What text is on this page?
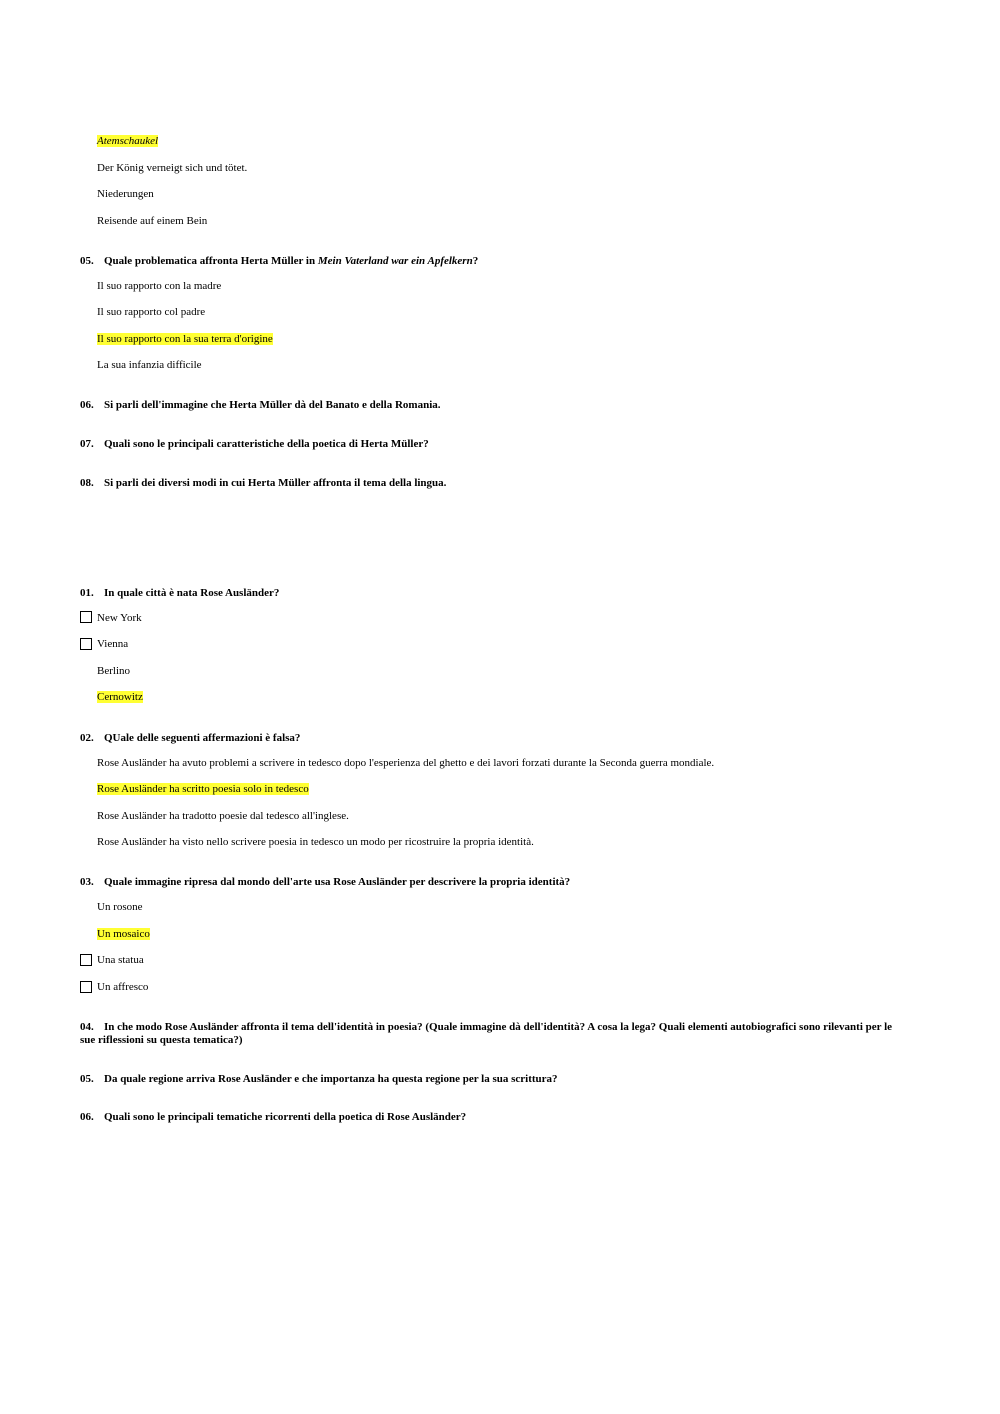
Atemschaukel
Der König verneigt sich und tötet.
Niederungen
Reisende auf einem Bein
05. Quale problematica affronta Herta Müller in Mein Vaterland war ein Apfelkern?
Il suo rapporto con la madre
Il suo rapporto col padre
Il suo rapporto con la sua terra d'origine
La sua infanzia difficile
06. Si parli dell'immagine che Herta Müller dà del Banato e della Romania.
07. Quali sono le principali caratteristiche della poetica di Herta Müller?
08. Si parli dei diversi modi in cui Herta Müller affronta il tema della lingua.
01. In quale città è nata Rose Ausländer?
New York
Vienna
Berlino
Cernowitz
02. QUale delle seguenti affermazioni è falsa?
Rose Ausländer ha avuto problemi a scrivere in tedesco dopo l'esperienza del ghetto e dei lavori forzati durante la Seconda guerra mondiale.
Rose Ausländer ha scritto poesia solo in tedesco
Rose Ausländer ha tradotto poesie dal tedesco all'inglese.
Rose Ausländer ha visto nello scrivere poesia in tedesco un modo per ricostruire la propria identità.
03. Quale immagine ripresa dal mondo dell'arte usa Rose Ausländer per descrivere la propria identità?
Un rosone
Un mosaico
Una statua
Un affresco
04. In che modo Rose Ausländer affronta il tema dell'identità in poesia? (Quale immagine dà dell'identità? A cosa la lega? Quali elementi autobiografici sono rilevanti per le sue riflessioni su questa tematica?)
05. Da quale regione arriva Rose Ausländer e che importanza ha questa regione per la sua scrittura?
06. Quali sono le principali tematiche ricorrenti della poetica di Rose Ausländer?
